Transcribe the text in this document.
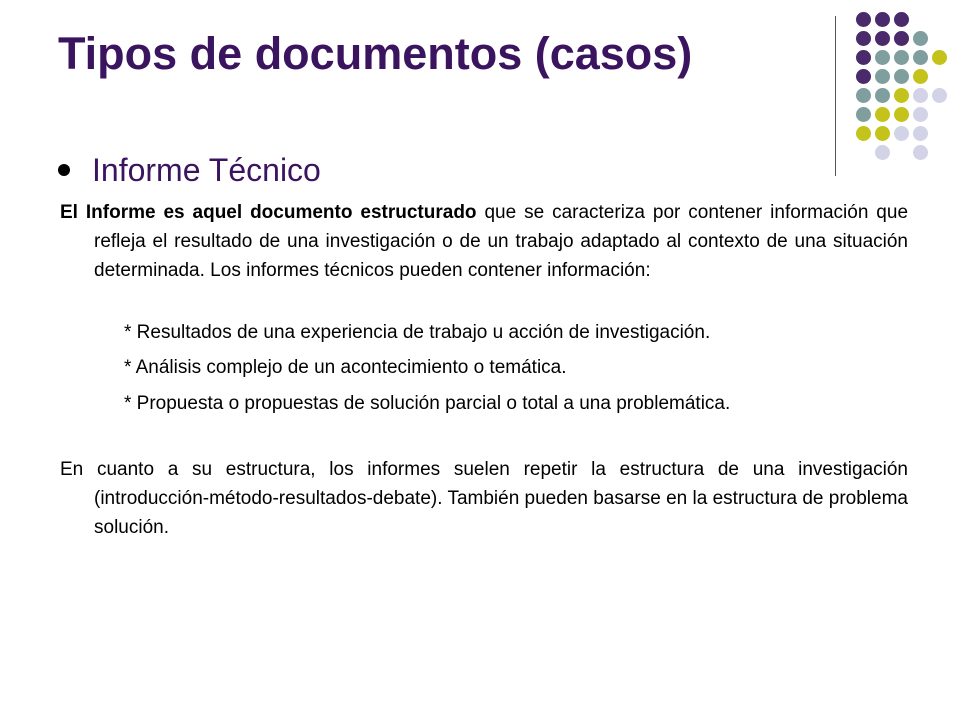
Tipos de documentos (casos)
Informe Técnico

El Informe es aquel documento estructurado que se caracteriza por contener información que refleja el resultado de una investigación o de un trabajo adaptado al contexto de una situación determinada. Los informes técnicos pueden contener información:

* Resultados de una experiencia de trabajo u acción de investigación.
* Análisis complejo de un acontecimiento o temática.
* Propuesta o propuestas de solución parcial o total a una problemática.

En cuanto a su estructura, los informes suelen repetir la estructura de una investigación (introducción-método-resultados-debate). También pueden basarse en la estructura de problema solución.
